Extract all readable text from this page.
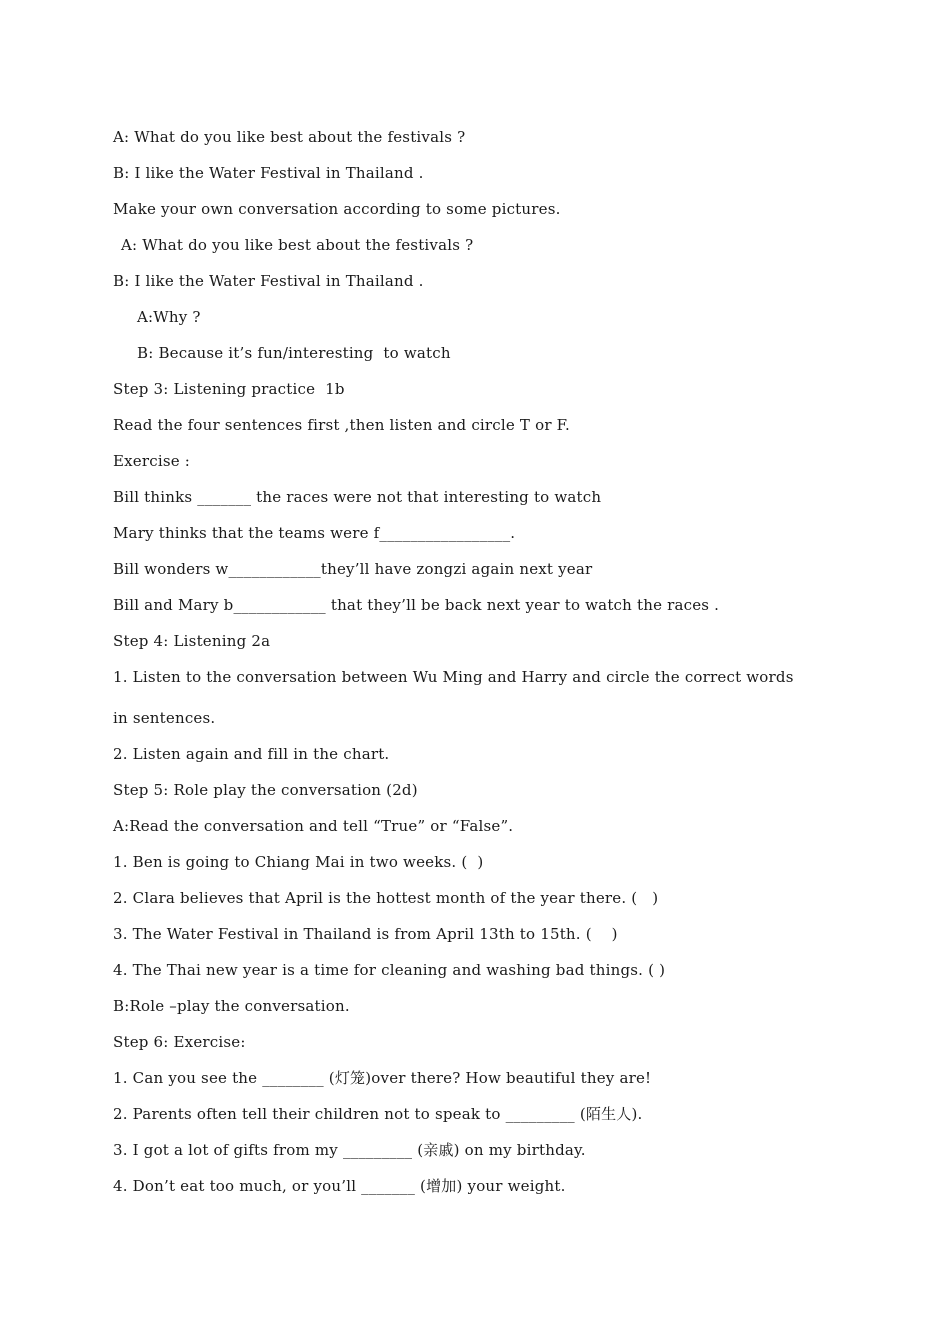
A: What do you like best about the festivals ?
B: I like the Water Festival in Thailand .
Make your own conversation according to some pictures.
A: What do you like best about the festivals ?
B: I like the Water Festival in Thailand .
A:Why ?
B: Because it’s fun/interesting  to watch
Step 3: Listening practice  1b
Read the four sentences first ,then listen and circle T or F.
Exercise :
Bill thinks _______ the races were not that interesting to watch
Mary thinks that the teams were f_________________.
Bill wonders w____________they’ll have zongzi again next year
Bill and Mary b____________ that they’ll be back next year to watch the races .
Step 4: Listening 2a
1. Listen to the conversation between Wu Ming and Harry and circle the correct words
in sentences.
2. Listen again and fill in the chart.
Step 5: Role play the conversation (2d)
A:Read the conversation and tell “True” or “False”.
1. Ben is going to Chiang Mai in two weeks. (  )
2. Clara believes that April is the hottest month of the year there. (   )
3. The Water Festival in Thailand is from April 13th to 15th. (    )
4. The Thai new year is a time for cleaning and washing bad things. ( )
B:Role –play the conversation.
Step 6: Exercise:
1. Can you see the ________ (灯笼)over there? How beautiful they are!
2. Parents often tell their children not to speak to _________ (陌生人).
3. I got a lot of gifts from my _________ (亲戚) on my birthday.
4. Don’t eat too much, or you’ll _______ (增加) your weight.
